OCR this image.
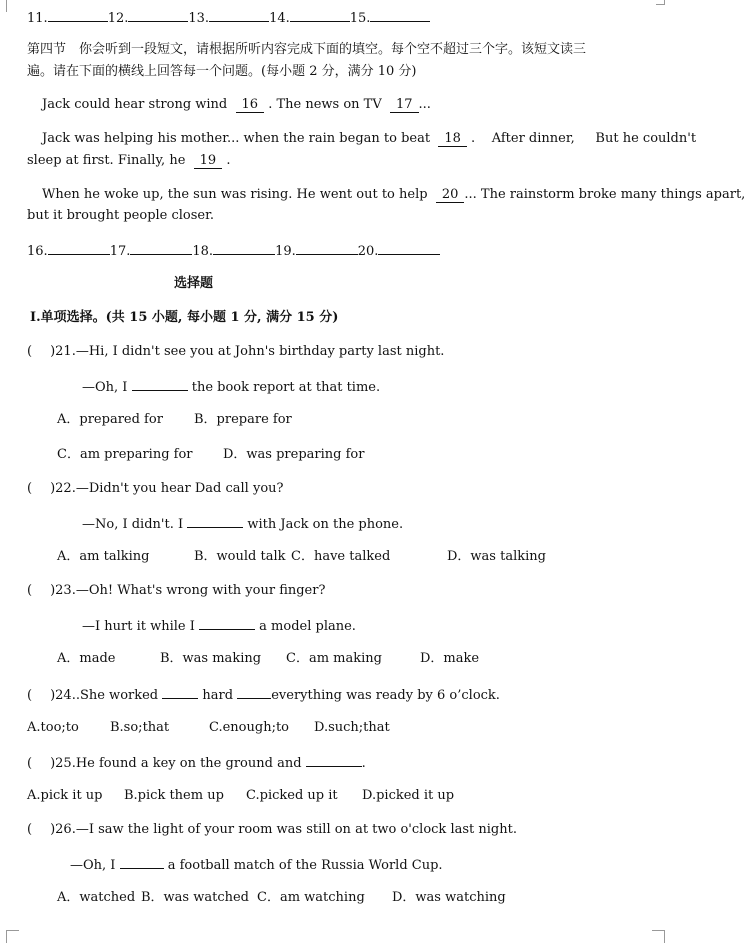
11.	12.	13.	14.	15.
第四节　你会听到一段短文，请根据所听内容完成下面的填空。每个空不超过三个字。该短文读三
遍。请在下面的横线上回答每一个问题。(每小题 2 分，满分 10 分)
Jack could hear strong wind 16 . The news on TV 17 ...
Jack was helping his mother... when the rain began to beat 18 .    After dinner,     But he couldn't
sleep at first. Finally, he 19 .
When he woke up, the sun was rising. He went out to help 20 ... The rainstorm broke many things apart,
but it brought people closer.
16.	17.	18.	19.	20.
选择题
Ⅰ.单项选择。(共 15 小题, 每小题 1 分, 满分 15 分)
( )21.—Hi, I didn't see you at John's birthday party last night.
—Oh, I	the book report at that time.
A．prepared for B．prepare for
C．am preparing for D．was preparing for
( )22.—Didn't you hear Dad call you?
—No, I didn't. I	with Jack on the phone.
A．am talking	B．would talk C．have talked	D．was talking
( )23.—Oh! What's wrong with your finger?
—I hurt it while I	a model plane.
A．made	B．was making C．am making	D．make
( )24..She worked	hard	everything was ready by 6 o’clock.
A.too;to B.so;that	C.enough;to D.such;that
( )25.He found a key on the ground and	.
A.pick it up B.pick them up C.picked up it D.picked it up
( )26.—I saw the light of your room was still on at two o'clock last night.
—Oh, I	a football match of the Russia World Cup.
A．watched B．was watched C．am watching D．was watching
